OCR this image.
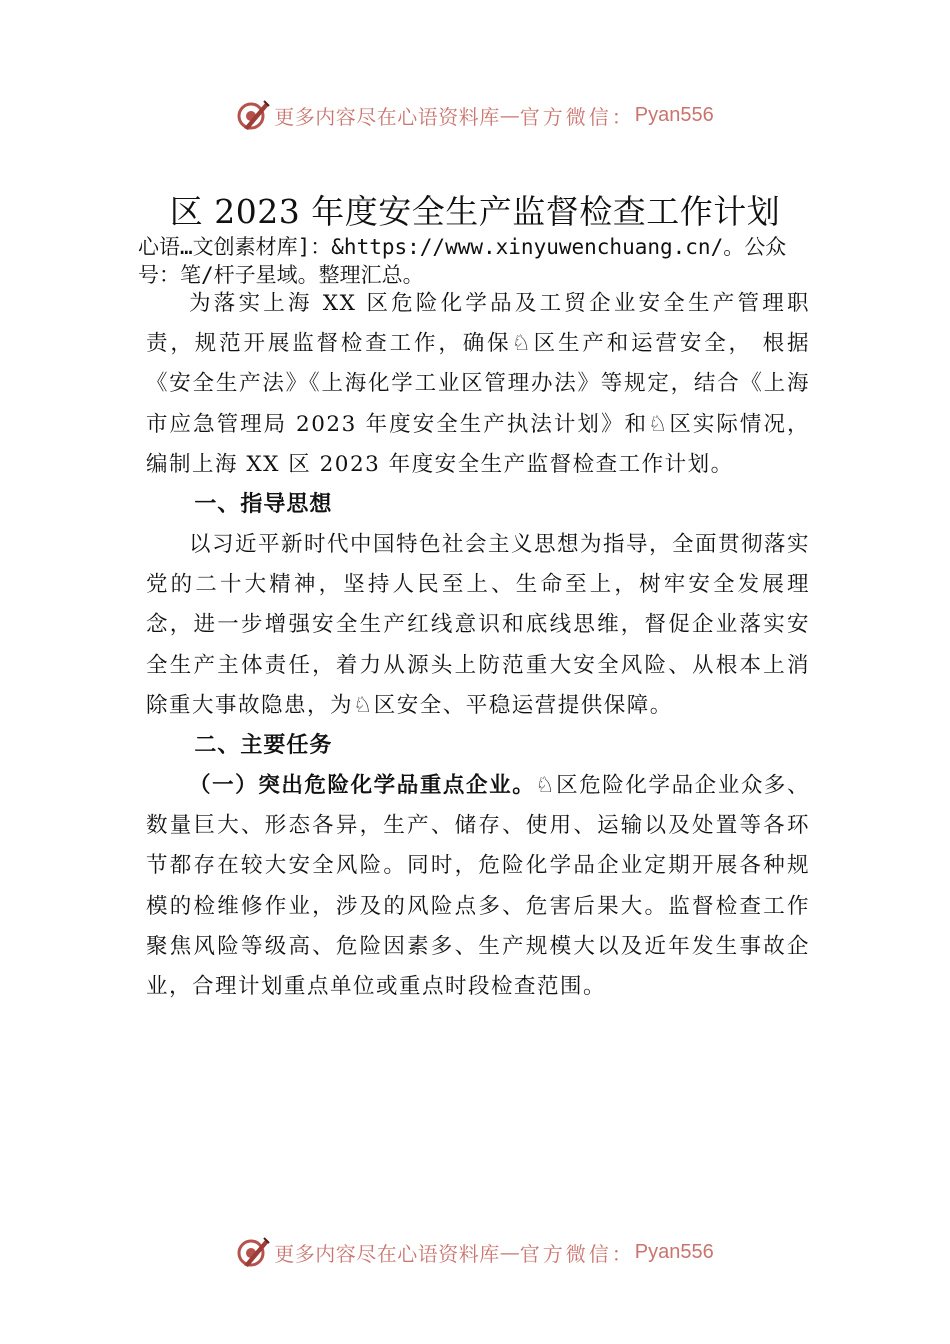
更多内容尽在心语资料库 — 官方微信： Pyan556
区 2023 年度安全生产监督检查工作计划
心语…文创素材库]：&https://www.xinyuwenchuang.cn/。公众号：笔/杆子星域。整理汇总。

为落实上海 XX 区危险化学品及工贸企业安全生产管理职责，规范开展监督检查工作，确保♘区生产和运营安全， 根据《安全生产法》《上海化学工业区管理办法》等规定，结合《上海市应急管理局 2023 年度安全生产执法计划》和♘区实际情况，编制上海 XX 区 2023 年度安全生产监督检查工作计划。

一、指导思想

以习近平新时代中国特色社会主义思想为指导，全面贯彻落实党的二十大精神，坚持人民至上、生命至上，树牢安全发展理念，进一步增强安全生产红线意识和底线思维，督促企业落实安全生产主体责任，着力从源头上防范重大安全风险、从根本上消除重大事故隐患，为♘区安全、平稳运营提供保障。

二、主要任务

（一）突出危险化学品重点企业。♘区危险化学品企业众多、数量巨大、形态各异，生产、储存、使用、运输以及处置等各环节都存在较大安全风险。同时，危险化学品企业定期开展各种规模的检维修作业，涉及的风险点多、危害后果大。监督检查工作聚焦风险等级高、危险因素多、生产规模大以及近年发生事故企业，合理计划重点单位或重点时段检查范围。

更多内容尽在心语资料库 — 官方微信： Pyan556
